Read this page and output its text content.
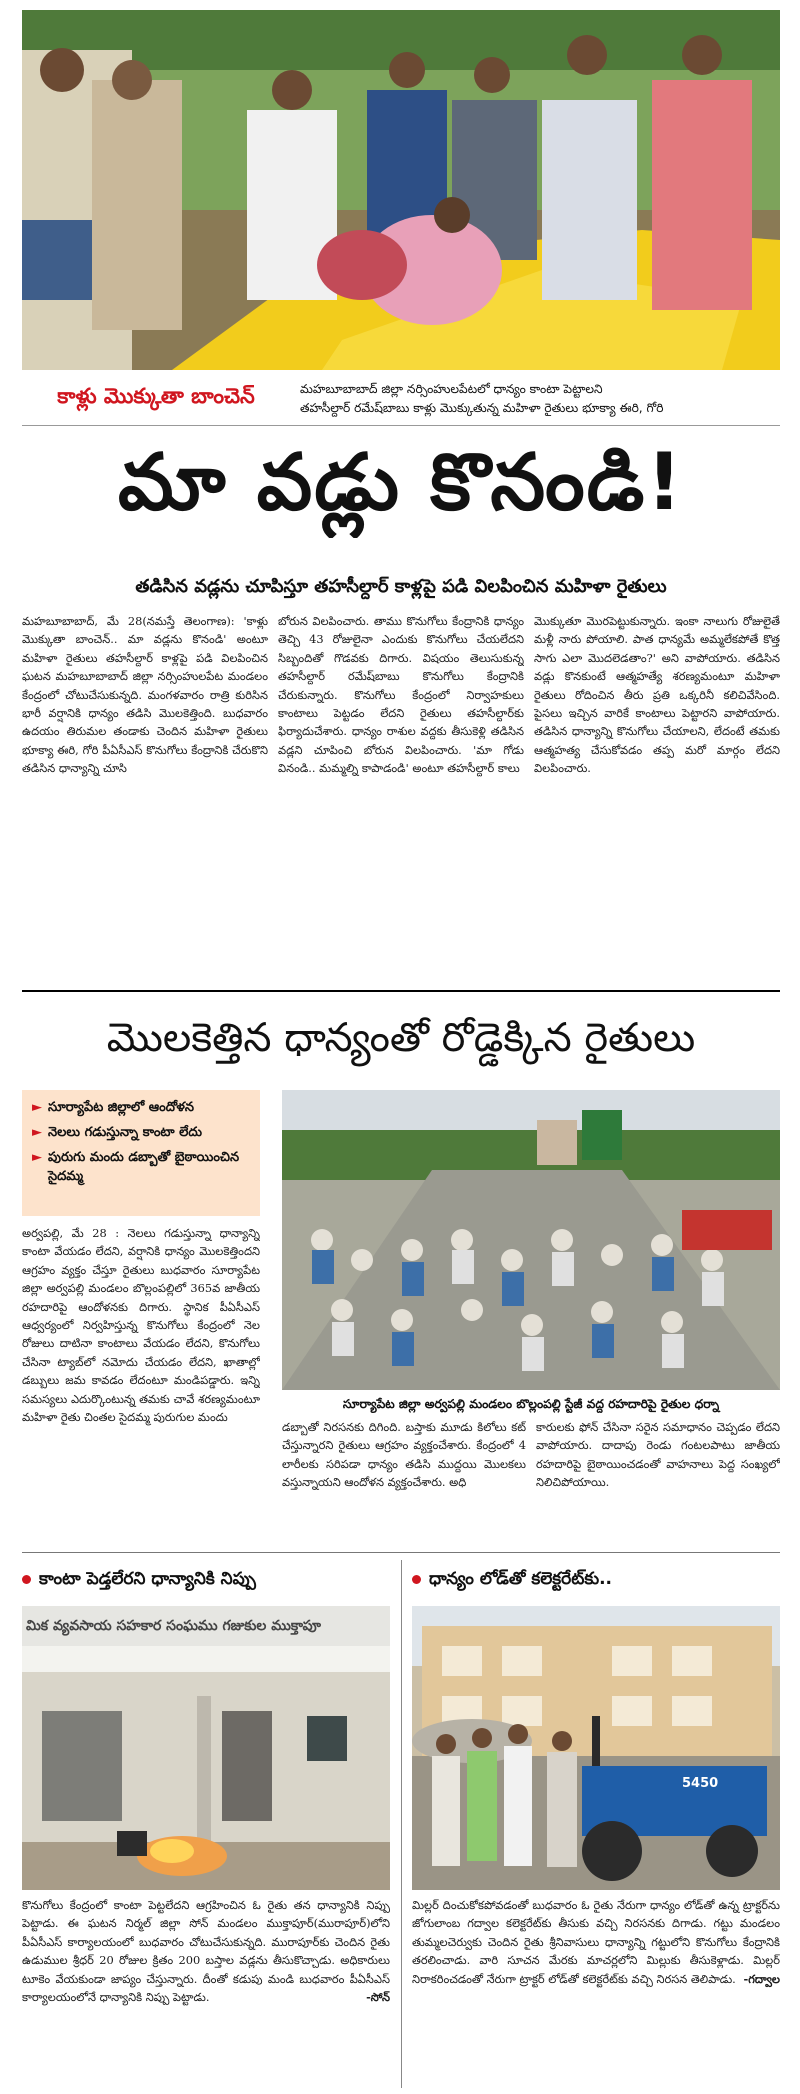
కాళ్లు మొక్కుతా బాంచెన్	మహబూబాబాద్ జిల్లా నర్సింహులపేటలో ధాన్యం కాంటా పెట్టాలని
తహసీల్దార్ రమేష్‌బాబు కాళ్లు మొక్కుతున్న మహిళా రైతులు భూక్యా ఈరి, గోరి
మా వడ్లు కొనండి!
తడిసిన వడ్లను చూపిస్తూ తహసీల్దార్ కాళ్లపై పడి విలపించిన మహిళా రైతులు
మహబూబాబాద్, మే 28(నమస్తే తెలంగాణ): 'కాళ్లు మొక్కుతా బాంచెన్.. మా వడ్లను కొనండి' అంటూ మహిళా రైతులు తహసీల్దార్ కాళ్లపై పడి విలపించిన ఘటన మహబూబాబాద్ జిల్లా నర్సింహులపేట మండలం కేంద్రంలో చోటుచేసుకున్నది. మంగళవారం రాత్రి కురిసిన భారీ వర్షానికి ధాన్యం తడిసి మొలకెత్తింది. బుధవారం ఉదయం తిరుమల తండాకు చెందిన మహిళా రైతులు భూక్యా ఈరి, గోరి పీఏసీఎస్ కొనుగోలు కేంద్రానికి చేరుకొని తడిసిన ధాన్యాన్ని చూసి
బోరున విలపించారు. తాము కొనుగోలు కేంద్రానికి ధాన్యం తెచ్చి 43 రోజులైనా ఎందుకు కొనుగోలు చేయలేదని సిబ్బందితో గొడవకు దిగారు. విషయం తెలుసుకున్న తహసీల్దార్ రమేష్‌బాబు కొనుగోలు కేంద్రానికి చేరుకున్నారు. కొనుగోలు కేంద్రంలో నిర్వాహకులు కాంటాలు పెట్టడం లేదని రైతులు తహసీల్దార్‌కు ఫిర్యాదుచేశారు. ధాన్యం రాశుల వద్దకు తీసుకెళ్లి తడిసిన వడ్లని చూపించి బోరున విలపించారు. 'మా గోడు వినండి.. మమ్మల్ని కాపాడండి' అంటూ తహసీల్దార్ కాలు
మొక్కుతూ మొరపెట్టుకున్నారు. ఇంకా నాలుగు రోజులైతే మళ్లీ నారు పోయాలి. పాత ధాన్యమే అమ్మలేకపోతే కొత్త సాగు ఎలా మొదలెడతాం?' అని వాపోయారు. తడిసిన వడ్లు కొనకుంటే ఆత్మహత్యే శరణ్యమంటూ మహిళా రైతులు రోదించిన తీరు ప్రతి ఒక్కరినీ కలిచివేసింది. పైసలు ఇచ్చిన వారికే కాంటాలు పెట్టారని వాపోయారు. తడిసిన ధాన్యాన్ని కొనుగోలు చేయాలని, లేదంటే తమకు ఆత్మహత్య చేసుకోవడం తప్ప మరో మార్గం లేదని విలపించారు.
మొలకెత్తిన ధాన్యంతో రోడ్డెక్కిన రైతులు
► సూర్యాపేట జిల్లాలో ఆందోళన
► నెలలు గడుస్తున్నా కాంటా లేదు
► పురుగు మందు డబ్బాతో బైఠాయించిన సైదమ్మ
అర్వపల్లి, మే 28 : నెలలు గడుస్తున్నా ధాన్యాన్ని కాంటా వేయడం లేదని, వర్షానికి ధాన్యం మొలకెత్తిందని ఆగ్రహం వ్యక్తం చేస్తూ రైతులు బుధవారం సూర్యాపేట జిల్లా అర్వపల్లి మండలం బొల్లంపల్లిలో 365వ జాతీయ రహదారిపై ఆందోళనకు దిగారు. స్థానిక పీఏసీఎస్ ఆధ్వర్యంలో నిర్వహిస్తున్న కొనుగోలు కేంద్రంలో నెల రోజులు దాటినా కాంటాలు వేయడం లేదని, కొనుగోలు చేసినా ట్యాబ్‌లో నమోదు చేయడం లేదని, ఖాతాల్లో డబ్బులు జమ కావడం లేదంటూ మండిపడ్డారు. ఇన్ని సమస్యలు ఎదుర్కొంటున్న తమకు చావే శరణ్యమంటూ మహిళా రైతు చింతల సైదమ్మ పురుగుల మందు
సూర్యాపేట జిల్లా అర్వపల్లి మండలం బొల్లంపల్లి స్టేజీ వద్ద రహదారిపై రైతుల ధర్నా
డబ్బాతో నిరసనకు దిగింది. బస్తాకు మూడు కిలోలు కట్ చేస్తున్నారని రైతులు ఆగ్రహం వ్యక్తంచేశారు. కేంద్రంలో 4 లారీలకు సరిపడా ధాన్యం తడిసి ముద్దయి మొలకలు వస్తున్నాయని ఆందోళన వ్యక్తంచేశారు. అధి
కారులకు ఫోన్ చేసినా సరైన సమాధానం చెప్పడం లేదని వాపోయారు. దాదాపు రెండు గంటలపాటు జాతీయ రహదారిపై బైఠాయించడంతో వాహనాలు పెద్ద సంఖ్యలో నిలిచిపోయాయి.
కాంటా పెడ్తలేరని ధాన్యానికి నిప్పు
మిక వ్యవసాయ సహకార సంఘము గజుకుల ముక్తాపూ
కొనుగోలు కేంద్రంలో కాంటా పెట్టలేదని ఆగ్రహించిన ఓ రైతు తన ధాన్యానికి నిప్పు పెట్టాడు. ఈ ఘటన నిర్మల్ జిల్లా సోన్ మండలం ముక్తాపూర్(మురాపూర్)లోని పీఏసీఎస్ కార్యాలయంలో బుధవారం చోటుచేసుకున్నది. మురాపూర్‌కు చెందిన రైతు ఉడుముల శ్రీధర్ 20 రోజుల క్రితం 200 బస్తాల వడ్లను తీసుకొచ్చాడు. అధికారులు టూకెం వేయకుండా జాప్యం చేస్తున్నారు. దీంతో కడుపు మండి బుధవారం పీఏసీఎస్ కార్యాలయంలోనే ధాన్యానికి నిప్పు పెట్టాడు.	-సోన్
ధాన్యం లోడ్‌తో కలెక్టరేట్‌కు..
5450
మిల్లర్ దించుకోకపోవడంతో బుధవారం ఓ రైతు నేరుగా ధాన్యం లోడ్‌తో ఉన్న ట్రాక్టర్‌ను జోగులాంబ గద్వాల కలెక్టరేట్‌కు తీసుకు వచ్చి నిరసనకు దిగాడు. గట్టు మండలం తుమ్మలచెర్వుకు చెందిన రైతు శ్రీనివాసులు ధాన్యాన్ని గట్టులోని కొనుగోలు కేంద్రానికి తరలించాడు. వారి సూచన మేరకు మాచర్లలోని మిల్లుకు తీసుకెళ్లాడు. మిల్లర్ నిరాకరించడంతో నేరుగా ట్రాక్టర్ లోడ్‌తో కలెక్టరేట్‌కు వచ్చి నిరసన తెలిపాడు. -గద్వాల
